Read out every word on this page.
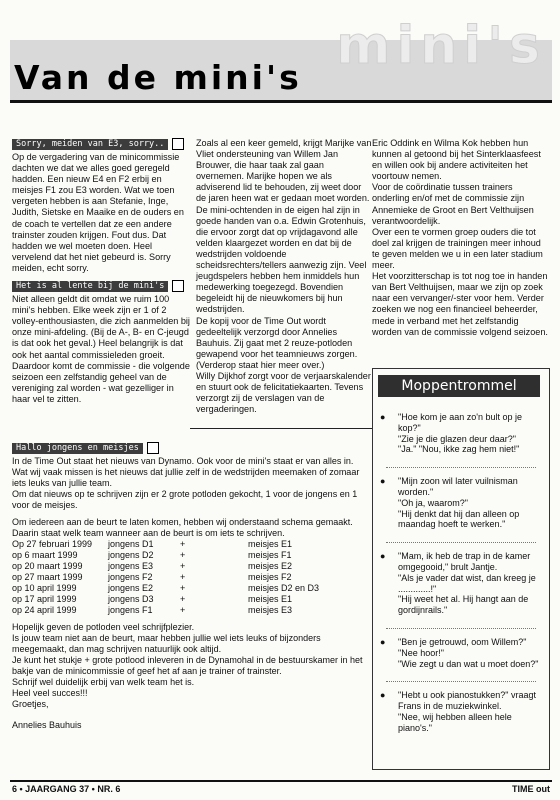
mini's
Van de mini's
Sorry, meiden van E3, sorry..

Op de vergadering van de minicommissie dachten we dat we alles goed geregeld hadden. Een nieuw E4 en F2 erbij en meisjes F1 zou E3 worden. Wat we toen vergeten hebben is aan Stefanie, Inge, Judith, Sietske en Maaike en de ouders en de coach te vertellen dat ze een andere trainster zouden krijgen. Fout dus. Dat hadden we wel moeten doen. Heel vervelend dat het niet gebeurd is. Sorry meiden, echt sorry.

Het is al lente bij de mini's

Niet alleen geldt dit omdat we ruim 100 mini's hebben. Elke week zijn er 1 of 2 volley-enthousiasten, die zich aanmelden bij onze mini-afdeling. (Bij de A-, B- en C-jeugd is dat ook het geval.) Heel belangrijk is dat ook het aantal commissieleden groeit. Daardoor komt de commissie - die volgende seizoen een zelfstandig geheel van de vereniging zal worden - wat gezelliger in haar vel te zitten.

Zoals al een keer gemeld, krijgt Marijke van Vliet ondersteuning van Willem Jan Brouwer, die haar taak zal gaan overnemen. Marijke hopen we als adviserend lid te behouden, zij weet door de jaren heen wat er gedaan moet worden.

De mini-ochtenden in de eigen hal zijn in goede handen van o.a. Edwin Grotenhuis, die ervoor zorgt dat op vrijdagavond alle velden klaargezet worden en dat bij de wedstrijden voldoende scheidsrechters/tellers aanwezig zijn. Veel jeugdspelers hebben hem inmiddels hun medewerking toegezegd. Bovendien begeleidt hij de nieuwkomers bij hun wedstrijden.

De kopij voor de Time Out wordt gedeeltelijk verzorgd door Annelies Bauhuis. Zij gaat met 2 reuze-potloden gewapend voor het teamnieuws zorgen. (Verderop staat hier meer over.)

Willy Dijkhof zorgt voor de verjaarskalender en stuurt ook de felicitatiekaarten. Tevens verzorgt zij de verslagen van de vergaderingen.

Eric Oddink en Wilma Kok hebben hun kunnen al getoond bij het Sinterklaasfeest en willen ook bij andere activiteiten het voortouw nemen.

Voor de coördinatie tussen trainers onderling en/of met de commissie zijn Annemieke de Groot en Bert Velthuijsen verantwoordelijk.

Over een te vormen groep ouders die tot doel zal krijgen de trainingen meer inhoud te geven melden we u in een later stadium meer.

Het voorzitterschap is tot nog toe in handen van Bert Velthuijsen, maar we zijn op zoek naar een vervanger/-ster voor hem. Verder zoeken we nog een financieel beheerder, mede in verband met het zelfstandig worden van de commissie volgend seizoen.

Moppentrommel
●	"Hoe kom je aan zo'n bult op je kop?"

"Zie je die glazen deur daar?"

"Ja." "Nou, ikke zag hem niet!"

●	"Mijn zoon wil later vuilnisman worden."

"Oh ja, waarom?"

"Hij denkt dat hij dan alleen op maandag hoeft te werken."

●	"Mam, ik heb de trap in de kamer omgegooid," brult Jantje.

"Als je vader dat wist, dan kreeg je .............!"

"Hij weet het al. Hij hangt aan de gordijnrails."

●	"Ben je getrouwd, oom Willem?"

"Nee hoor!"

"Wie zegt u dan wat u moet doen?"

●	"Hebt u ook pianostukken?" vraagt Frans in de muziekwinkel.

"Nee, wij hebben alleen hele piano's."

Hallo jongens en meisjes

In de Time Out staat het nieuws van Dynamo. Ook voor de mini's staat er van alles in. Wat wij vaak missen is het nieuws dat jullie zelf in de wedstrijden meemaken of zomaar iets leuks van jullie team.

Om dat nieuws op te schrijven zijn er 2 grote potloden gekocht, 1 voor de jongens en 1 voor de meisjes.

Om iedereen aan de beurt te laten komen, hebben wij onderstaand schema gemaakt. Daarin staat welk team wanneer aan de beurt is om iets te schrijven.

Op 27 februari 1999	jongens D1	+	meisjes E1
op 6 maart 1999	jongens D2	+	meisjes F1
op 20 maart 1999	jongens E3	+	meisjes E2
op 27 maart 1999	jongens F2	+	meisjes F2
op 10 april 1999	jongens E2	+	meisjes D2 en D3
op 17 april 1999	jongens D3	+	meisjes E1
op 24 april 1999	jongens F1	+	meisjes E3

Hopelijk geven de potloden veel schrijfplezier.

Is jouw team niet aan de beurt, maar hebben jullie wel iets leuks of bijzonders meegemaakt, dan mag schrijven natuurlijk ook altijd.

Je kunt het stukje + grote potlood inleveren in de Dynamohal in de bestuurskamer in het bakje van de minicommissie of geef het af aan je trainer of trainster.

Schrijf wel duidelijk erbij van welk team het is.

Heel veel succes!!!

Groetjes,

Annelies Bauhuis

6 • JAARGANG 37 • NR. 6	TIME out
